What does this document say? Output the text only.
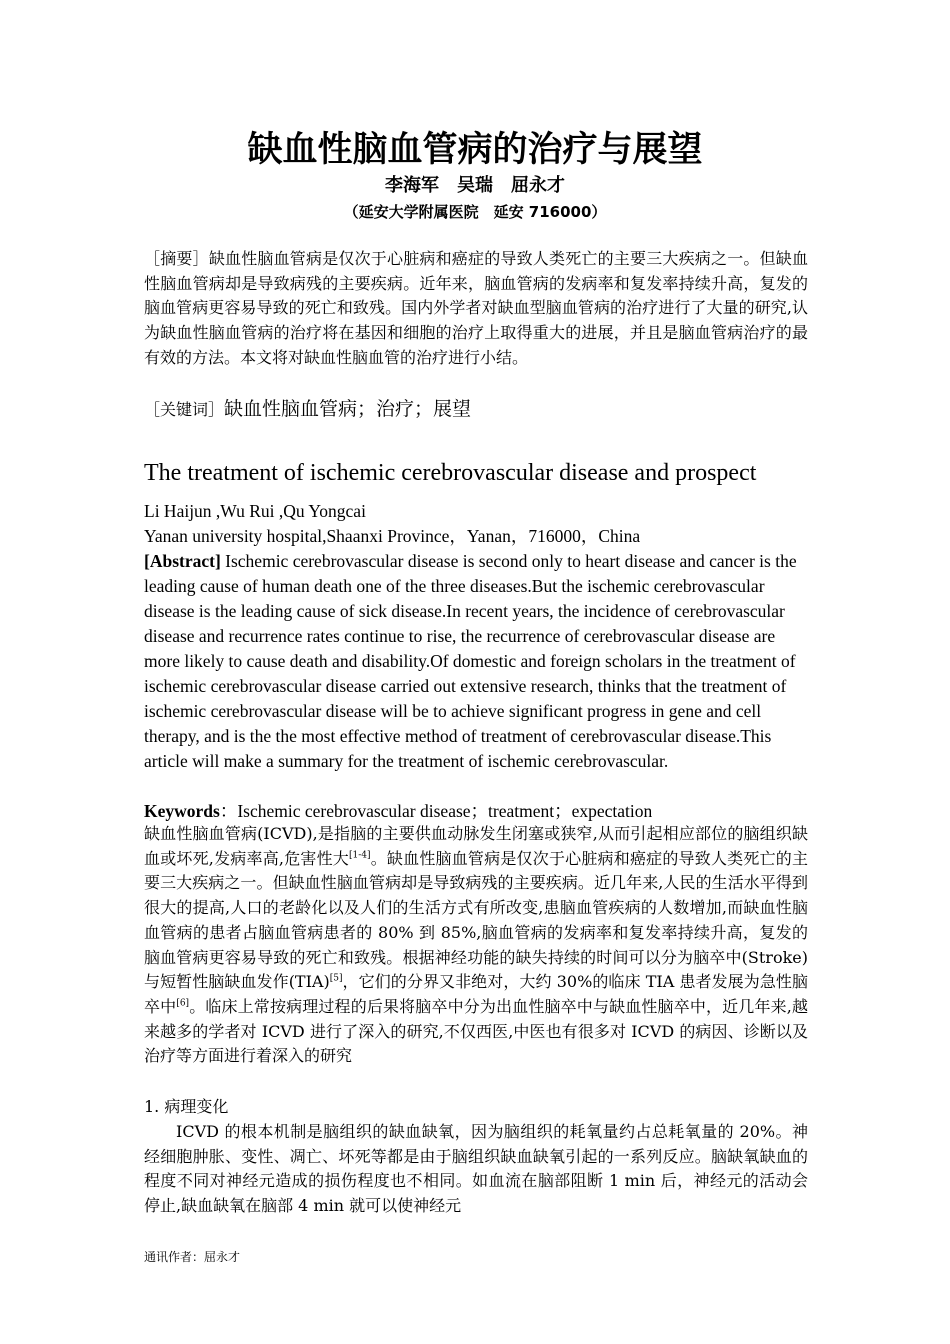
缺血性脑血管病的治疗与展望
李海军　吴瑞　屈永才
（延安大学附属医院　延安 716000）
［摘要］缺血性脑血管病是仅次于心脏病和癌症的导致人类死亡的主要三大疾病之一。但缺血性脑血管病却是导致病残的主要疾病。近年来，脑血管病的发病率和复发率持续升高，复发的脑血管病更容易导致的死亡和致残。国内外学者对缺血型脑血管病的治疗进行了大量的研究,认为缺血性脑血管病的治疗将在基因和细胞的治疗上取得重大的进展，并且是脑血管病治疗的最有效的方法。本文将对缺血性脑血管的治疗进行小结。
［关键词］缺血性脑血管病；治疗；展望
The treatment of ischemic cerebrovascular disease and prospect
Li Haijun ,Wu Rui ,Qu Yongcai
Yanan university hospital,Shaanxi Province，Yanan，716000，China
[Abstract] Ischemic cerebrovascular disease is second only to heart disease and cancer is the leading cause of human death one of the three diseases.But the ischemic cerebrovascular disease is the leading cause of sick disease.In recent years, the incidence of cerebrovascular disease and recurrence rates continue to rise, the recurrence of cerebrovascular disease are more likely to cause death and disability.Of domestic and foreign scholars in the treatment of ischemic cerebrovascular disease carried out extensive research, thinks that the treatment of ischemic cerebrovascular disease will be to achieve significant progress in gene and cell therapy, and is the the most effective method of treatment of cerebrovascular disease.This article will make a summary for the treatment of ischemic cerebrovascular.
Keywords：Ischemic cerebrovascular disease；treatment；expectation
缺血性脑血管病(ICVD),是指脑的主要供血动脉发生闭塞或狭窄,从而引起相应部位的脑组织缺血或坏死,发病率高,危害性大[1-4]。缺血性脑血管病是仅次于心脏病和癌症的导致人类死亡的主要三大疾病之一。但缺血性脑血管病却是导致病残的主要疾病。近几年来,人民的生活水平得到很大的提高,人口的老龄化以及人们的生活方式有所改变,患脑血管疾病的人数增加,而缺血性脑血管病的患者占脑血管病患者的 80% 到 85%,脑血管病的发病率和复发率持续升高，复发的脑血管病更容易导致的死亡和致残。根据神经功能的缺失持续的时间可以分为脑卒中(Stroke)与短暂性脑缺血发作(TIA)[5]，它们的分界又非绝对，大约 30%的临床 TIA 患者发展为急性脑卒中[6]。临床上常按病理过程的后果将脑卒中分为出血性脑卒中与缺血性脑卒中，近几年来,越来越多的学者对 ICVD 进行了深入的研究,不仅西医,中医也有很多对 ICVD 的病因、诊断以及治疗等方面进行着深入的研究
1. 病理变化
ICVD 的根本机制是脑组织的缺血缺氧，因为脑组织的耗氧量约占总耗氧量的 20%。神经细胞肿胀、变性、凋亡、坏死等都是由于脑组织缺血缺氧引起的一系列反应。脑缺氧缺血的程度不同对神经元造成的损伤程度也不相同。如血流在脑部阻断 1 min 后，神经元的活动会停止,缺血缺氧在脑部 4 min 就可以使神经元
通讯作者：屈永才
